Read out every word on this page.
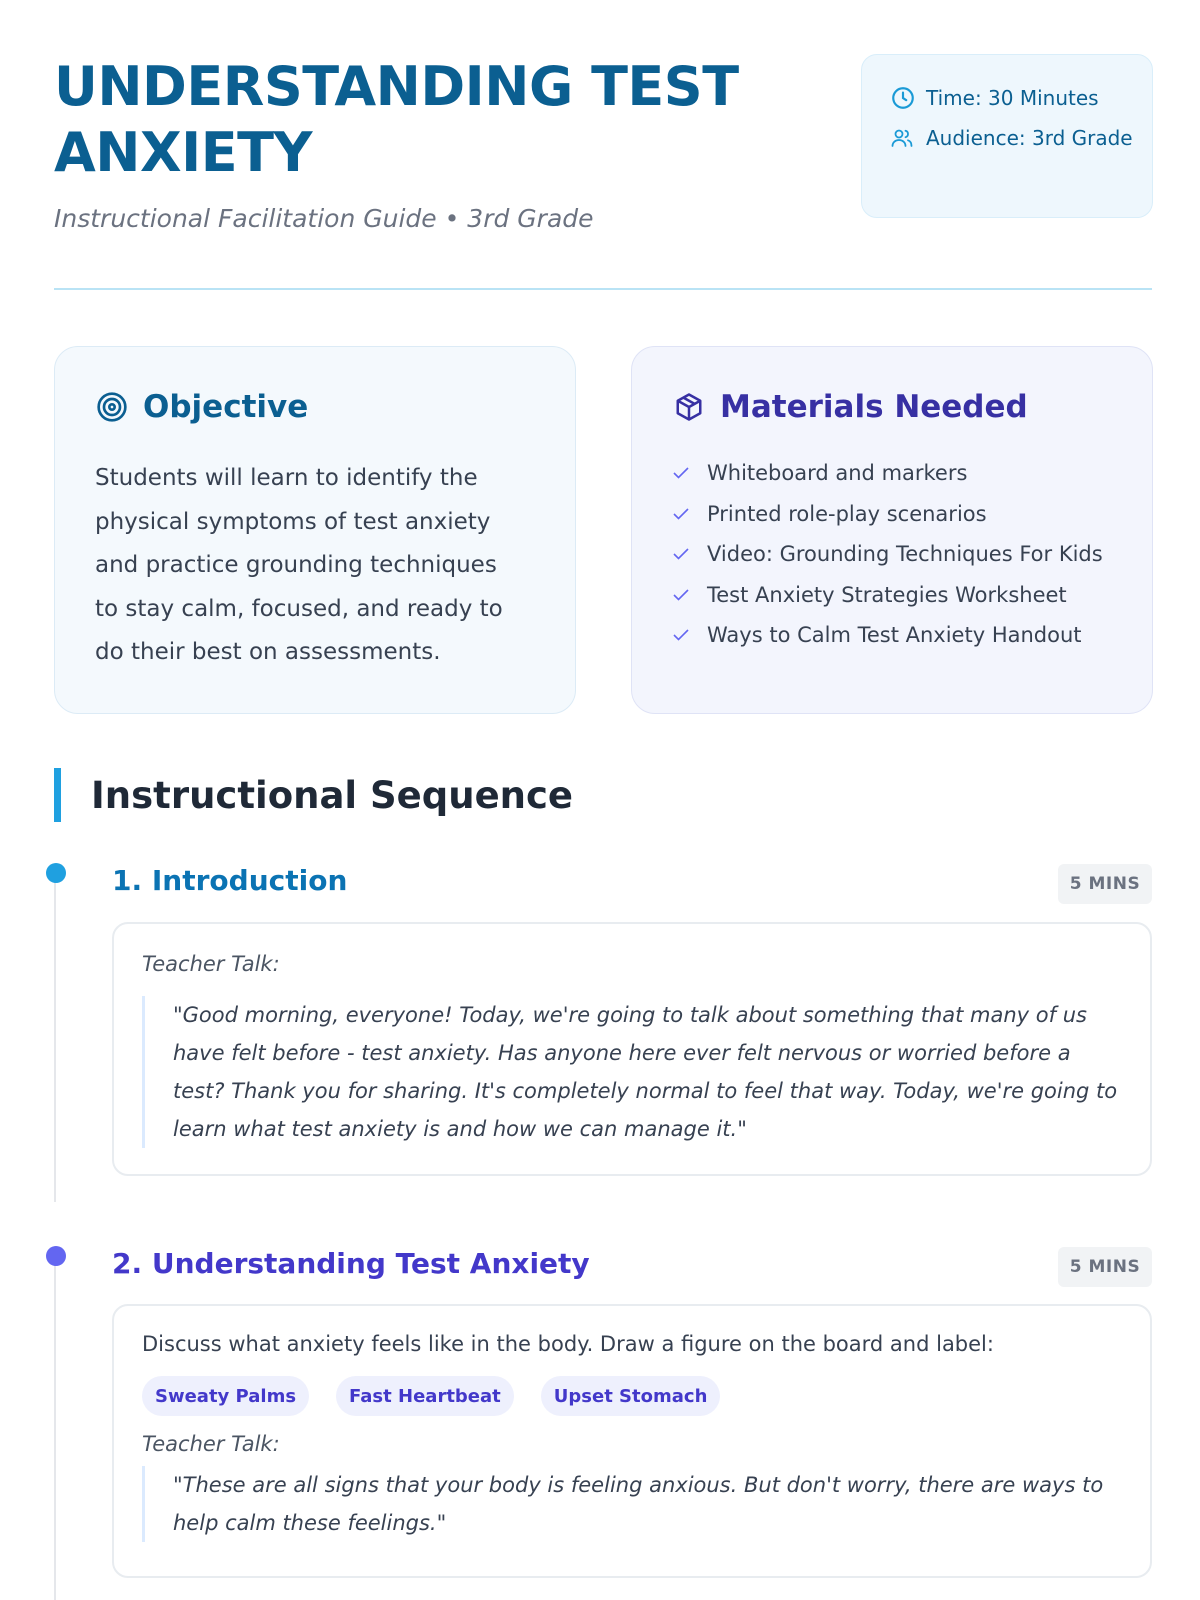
UNDERSTANDING TEST ANXIETY
Instructional Facilitation Guide • 3rd Grade
Time: 30 Minutes
Audience: 3rd Grade
Objective

Students will learn to identify the physical symptoms of test anxiety and practice grounding techniques to stay calm, focused, and ready to do their best on assessments.

Materials Needed
Whiteboard and markers
Printed role-play scenarios
Video: Grounding Techniques For Kids
Test Anxiety Strategies Worksheet
Ways to Calm Test Anxiety Handout
Instructional Sequence
1. Introduction	5 MINS
Teacher Talk:
"Good morning, everyone! Today, we're going to talk about something that many of us have felt before - test anxiety. Has anyone here ever felt nervous or worried before a test? Thank you for sharing. It's completely normal to feel that way. Today, we're going to learn what test anxiety is and how we can manage it."
2. Understanding Test Anxiety	5 MINS
Discuss what anxiety feels like in the body. Draw a figure on the board and label:
Sweaty Palms	Fast Heartbeat	Upset Stomach
Teacher Talk:
"These are all signs that your body is feeling anxious. But don't worry, there are ways to help calm these feelings."
